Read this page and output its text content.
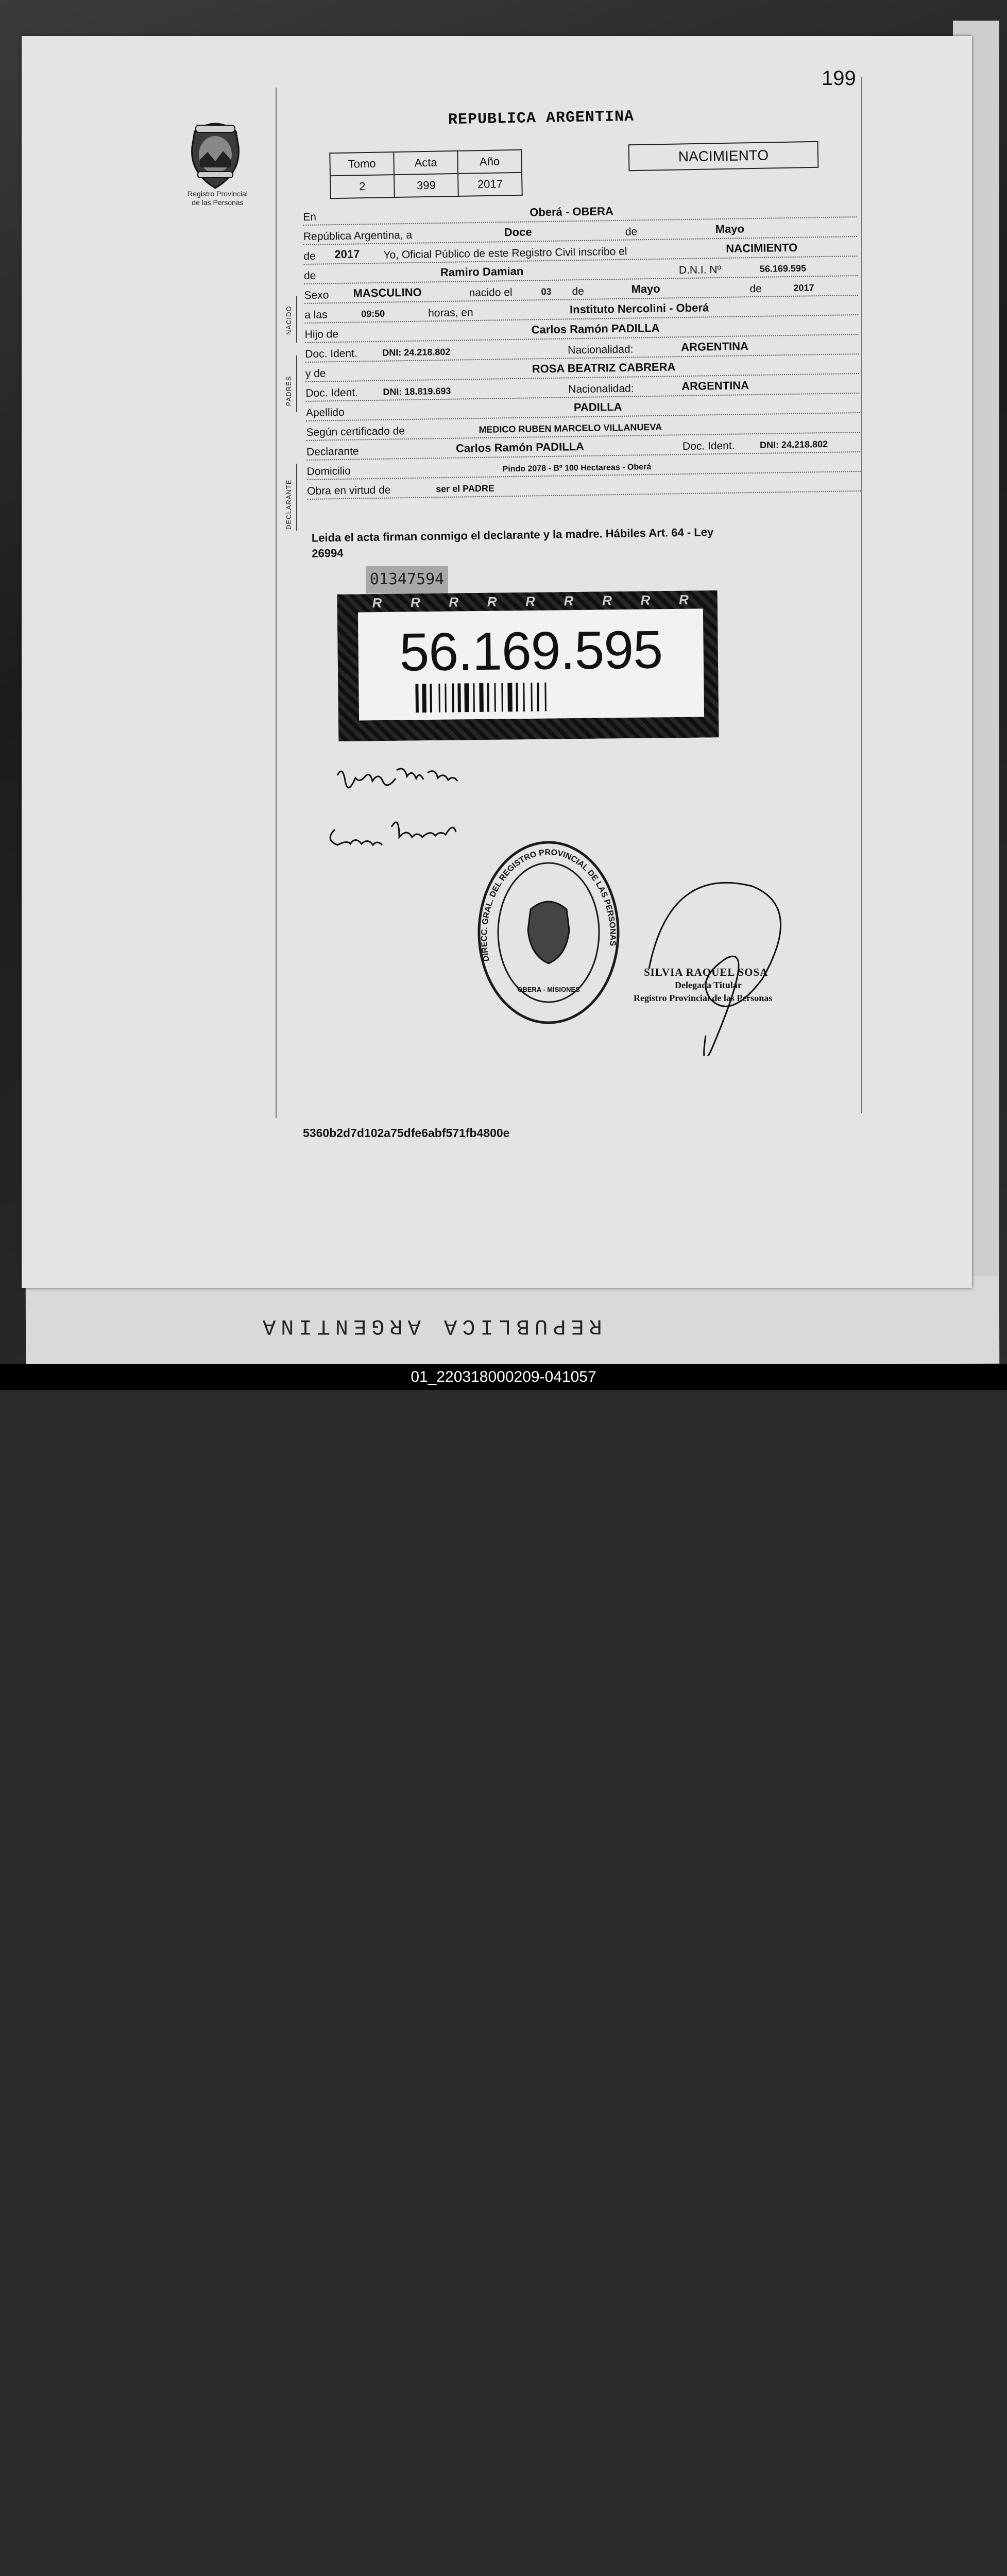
REPUBLICA ARGENTINA
199
Registro Provincial
de las Personas
REPUBLICA ARGENTINA
Tomo	Acta	Año
2	399	2017
NACIMIENTO
NACIDO
PADRES
DECLARANTE
En	Oberá - OBERA
República Argentina, a	Doce	de	Mayo
de 2017 Yo, Oficial Público de este Registro Civil inscribo el	NACIMIENTO
de	Ramiro Damian	D.N.I. Nº	56.169.595
Sexo MASCULINO	nacido el	03 de	Mayo	de	2017
a las	09:50	horas, en	Instituto Nercolini - Oberá
Hijo de	Carlos Ramón PADILLA
Doc. Ident.	DNI: 24.218.802	Nacionalidad:	ARGENTINA
y de	ROSA BEATRIZ CABRERA
Doc. Ident.	DNI: 18.819.693	Nacionalidad:	ARGENTINA
Apellido	PADILLA
Según certificado de	MEDICO RUBEN MARCELO VILLANUEVA
Declarante	Carlos Ramón PADILLA	Doc. Ident.	DNI: 24.218.802
Domicilio	Pindo 2078 - Bº 100 Hectareas - Oberá
Obra en virtud de	ser el PADRE
Leida el acta firman conmigo el declarante y la madre. Hábiles Art. 64 - Ley
26994
01347594
R R R R R R R R R
56.169.595
DIRECC. GRAL. DEL REGISTRO PROVINCIAL DE LAS PERSONAS
OBERA - MISIONES
SILVIA RAQUEL SOSA
Delegada Titular
Registro Provincial de las Personas
5360b2d7d102a75dfe6abf571fb4800e
01_220318000209-041057
